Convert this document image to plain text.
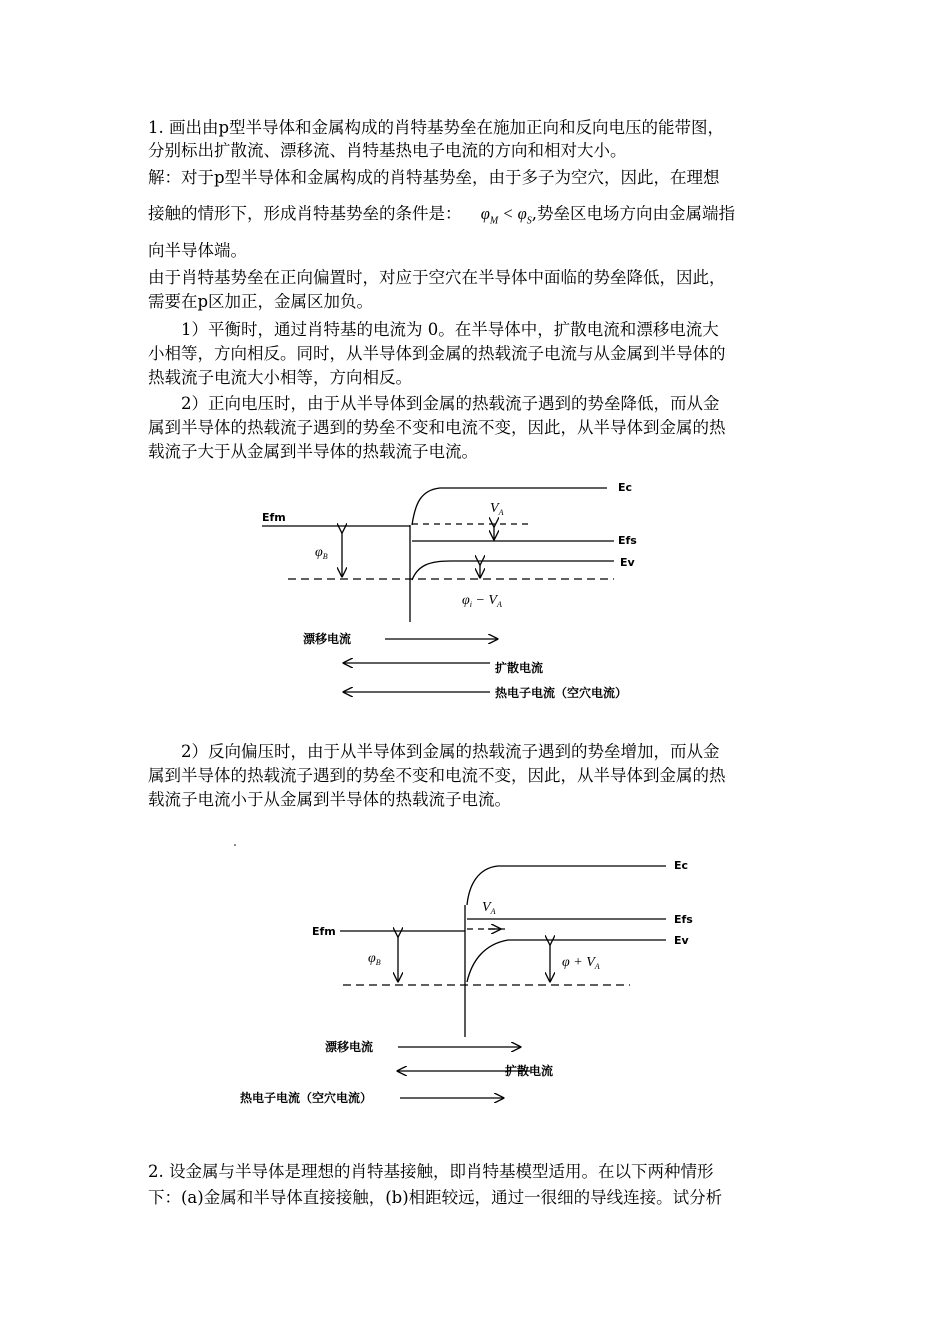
1. 画出由p型半导体和金属构成的肖特基势垒在施加正向和反向电压的能带图，
分别标出扩散流、漂移流、肖特基热电子电流的方向和相对大小。
解：对于p型半导体和金属构成的肖特基势垒，由于多子为空穴，因此，在理想
接触的情形下，形成肖特基势垒的条件是： $\varphi_M < \varphi_S$,势垒区电场方向由金属端指
向半导体端。
由于肖特基势垒在正向偏置时，对应于空穴在半导体中面临的势垒降低，因此，
需要在p区加正，金属区加负。
1）平衡时，通过肖特基的电流为 0。在半导体中，扩散电流和漂移电流大
小相等，方向相反。同时，从半导体到金属的热载流子电流与从金属到半导体的
热载流子电流大小相等，方向相反。
2）正向电压时，由于从半导体到金属的热载流子遇到的势垒降低，而从金
属到半导体的热载流子遇到的势垒不变和电流不变，因此，从半导体到金属的热
载流子大于从金属到半导体的热载流子电流。
2）反向偏压时，由于从半导体到金属的热载流子遇到的势垒增加，而从金
属到半导体的热载流子遇到的势垒不变和电流不变，因此，从半导体到金属的热
载流子电流小于从金属到半导体的热载流子电流。
2. 设金属与半导体是理想的肖特基接触，即肖特基模型适用。在以下两种情形
下：(a)金属和半导体直接接触，(b)相距较远，通过一很细的导线连接。试分析
Ec
Efs
Ev
Efm
$V_A$
$\varphi_B$
$\varphi_i - V_A$
漂移电流
扩散电流
热电子电流（空穴电流）
Ec
Efs
Ev
Efm
$V_A$
$\varphi_B$	$\varphi + V_A$
漂移电流
扩散电流
热电子电流（空穴电流）
